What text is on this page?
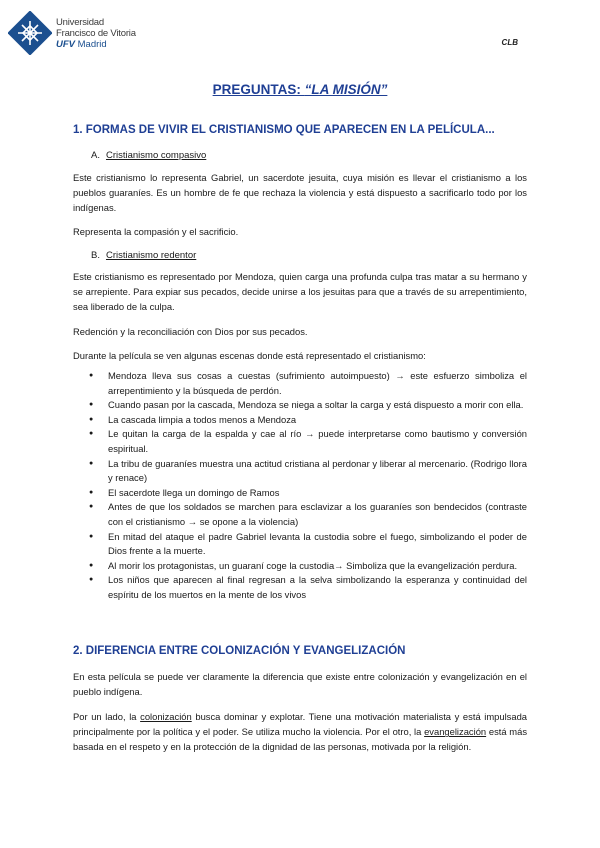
Universidad
Francisco de Vitoria
UFV Madrid	CLB
PREGUNTAS: “LA MISIÓN”
1. FORMAS DE VIVIR EL CRISTIANISMO QUE APARECEN EN LA PELÍCULA...
A. Cristianismo compasivo
Este cristianismo lo representa Gabriel, un sacerdote jesuita, cuya misión es llevar el cristianismo a los pueblos guaraníes. Es un hombre de fe que rechaza la violencia y está dispuesto a sacrificarlo todo por los indígenas.
Representa la compasión y el sacrificio.
B. Cristianismo redentor
Este cristianismo es representado por Mendoza, quien carga una profunda culpa tras matar a su hermano y se arrepiente. Para expiar sus pecados, decide unirse a los jesuitas para que a través de su arrepentimiento, sea liberado de la culpa.
Redención y la reconciliación con Dios por sus pecados.
Durante la película se ven algunas escenas donde está representado el cristianismo:
● Mendoza lleva sus cosas a cuestas (sufrimiento autoimpuesto) → este esfuerzo simboliza el arrepentimiento y la búsqueda de perdón.
● Cuando pasan por la cascada, Mendoza se niega a soltar la carga y está dispuesto a morir con ella.
● La cascada limpia a todos menos a Mendoza
● Le quitan la carga de la espalda y cae al río → puede interpretarse como bautismo y conversión espiritual.
● La tribu de guaraníes muestra una actitud cristiana al perdonar y liberar al mercenario. (Rodrigo llora y renace)
● El sacerdote llega un domingo de Ramos
● Antes de que los soldados se marchen para esclavizar a los guaraníes son bendecidos (contraste con el cristianismo → se opone a la violencia)
● En mitad del ataque el padre Gabriel levanta la custodia sobre el fuego, simbolizando el poder de Dios frente a la muerte.
● Al morir los protagonistas, un guaraní coge la custodia→ Simboliza que la evangelización perdura.
● Los niños que aparecen al final regresan a la selva simbolizando la esperanza y continuidad del espíritu de los muertos en la mente de los vivos
2. DIFERENCIA ENTRE COLONIZACIÓN Y EVANGELIZACIÓN
En esta película se puede ver claramente la diferencia que existe entre colonización y evangelización en el pueblo indígena.
Por un lado, la colonización busca dominar y explotar. Tiene una motivación materialista y está impulsada principalmente por la política y el poder. Se utiliza mucho la violencia. Por el otro, la evangelización está más basada en el respeto y en la protección de la dignidad de las personas, motivada por la religión.
